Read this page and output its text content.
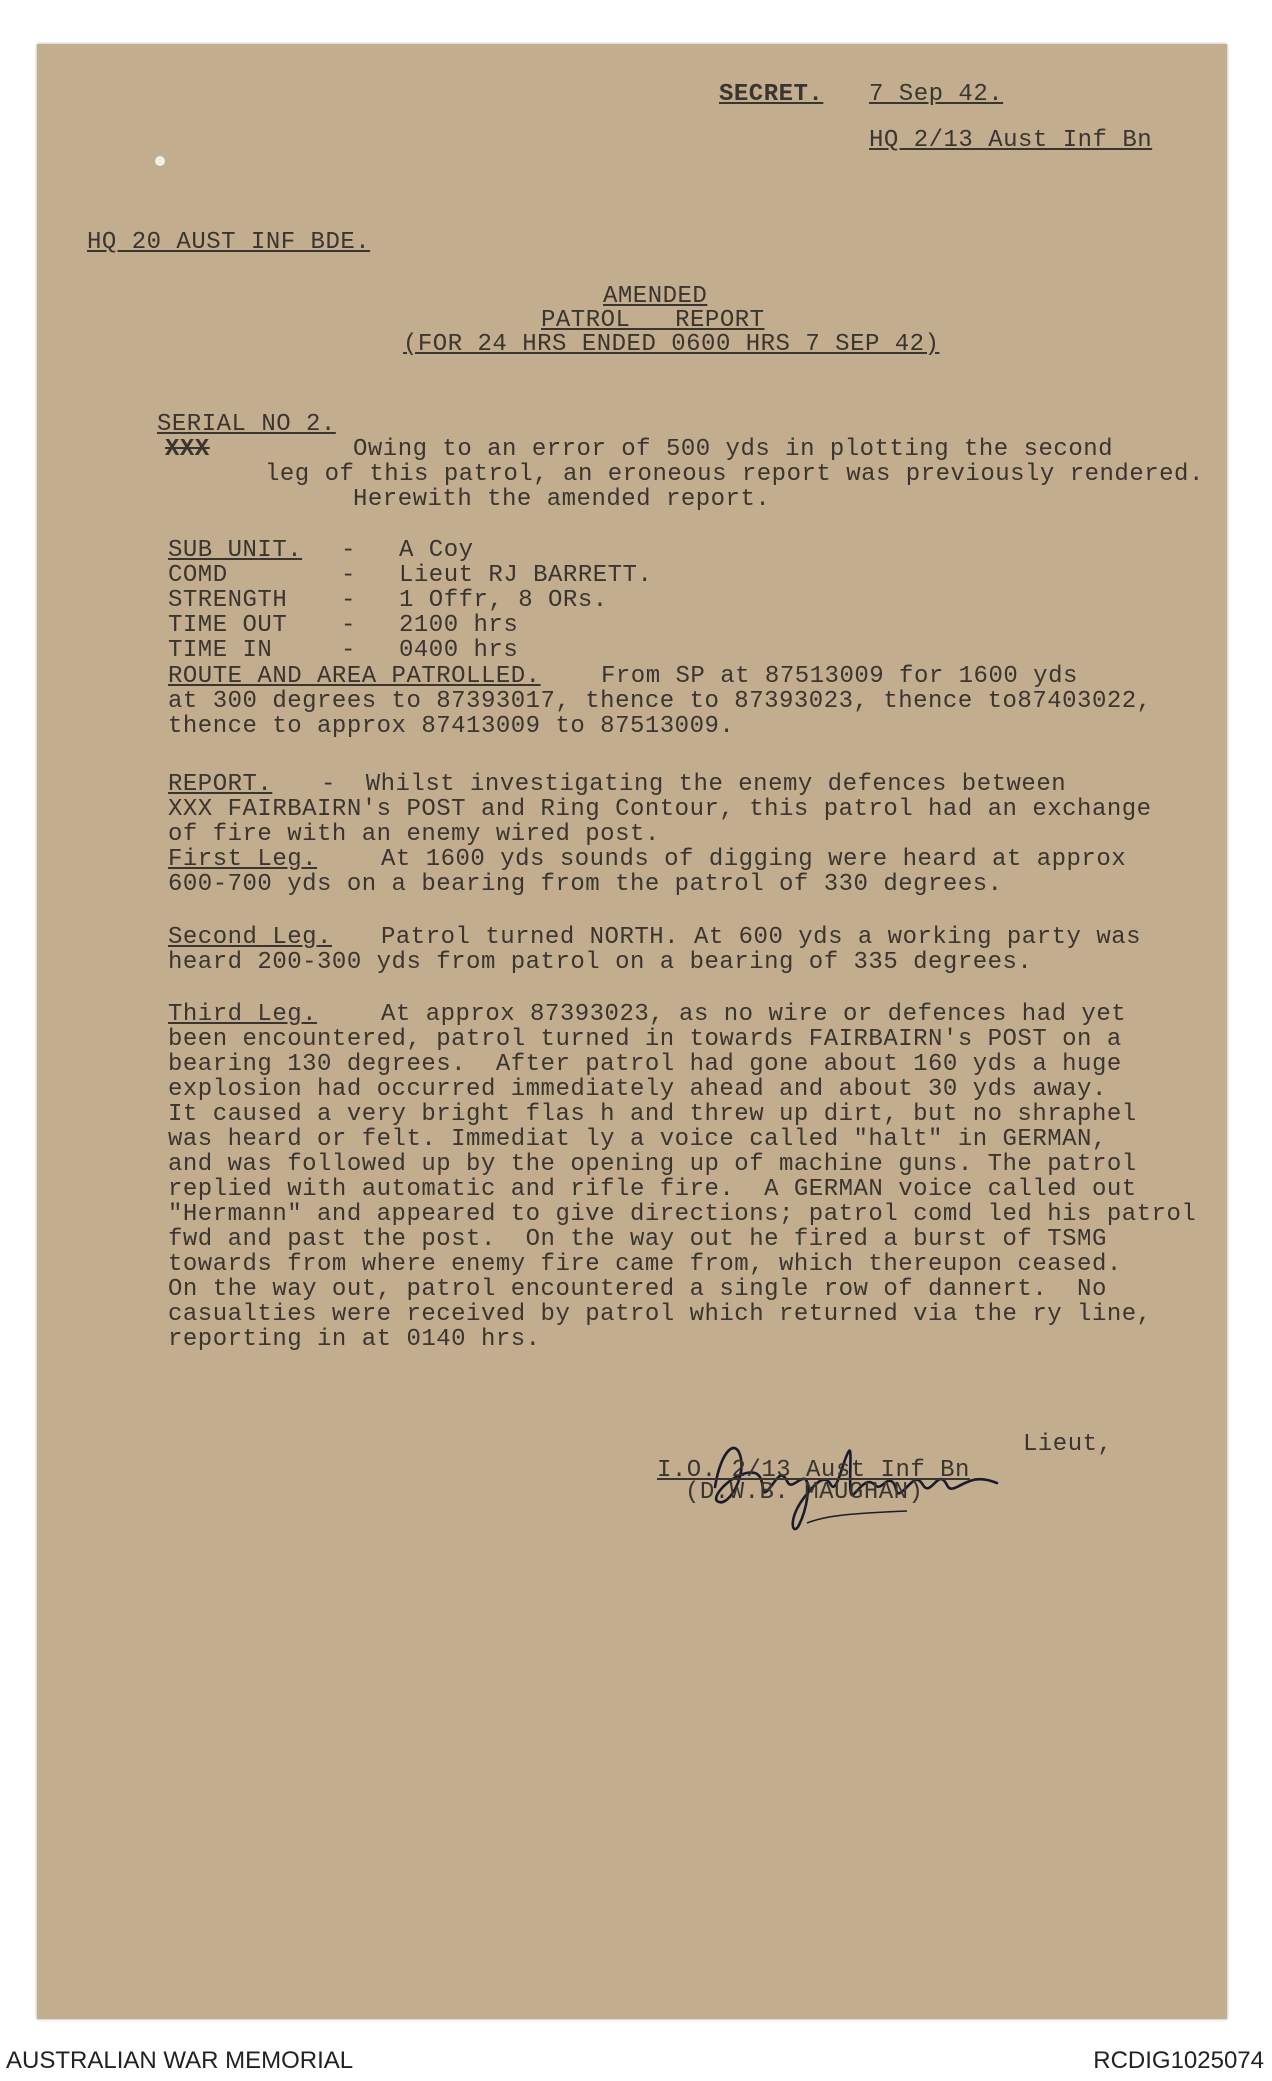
SECRET. 7 Sep 42.
HQ 2/13 Aust Inf Bn
HQ 20 AUST INF BDE.
AMENDED
PATROL   REPORT
(FOR 24 HRS ENDED 0600 HRS 7 SEP 42)
SERIAL NO 2.
XXX	Owing to an error of 500 yds in plotting the second
leg of this patrol, an eroneous report was previously rendered.
Herewith the amended report.
SUB UNIT. - A Coy
COMD	- Lieut RJ BARRETT.
STRENGTH - 1 Offr, 8 ORs.
TIME OUT - 2100 hrs
TIME IN	- 0400 hrs
ROUTE AND AREA PATROLLED.	From SP at 87513009 for 1600 yds
at 300 degrees to 87393017, thence to 87393023, thence to87403022,
thence to approx 87413009 to 87513009.
REPORT. -  Whilst investigating the enemy defences between
XXX FAIRBAIRN's POST and Ring Contour, this patrol had an exchange
of fire with an enemy wired post.
First Leg.	At 1600 yds sounds of digging were heard at approx
600-700 yds on a bearing from the patrol of 330 degrees.
Second Leg. Patrol turned NORTH. At 600 yds a working party was
heard 200-300 yds from patrol on a bearing of 335 degrees.
Third Leg.	At approx 87393023, as no wire or defences had yet
been encountered, patrol turned in towards FAIRBAIRN's POST on a
bearing 130 degrees.  After patrol had gone about 160 yds a huge
explosion had occurred immediately ahead and about 30 yds away.
It caused a very bright flas h and threw up dirt, but no shraphel
was heard or felt. Immediat ly a voice called "halt" in GERMAN,
and was followed up by the opening up of machine guns. The patrol
replied with automatic and rifle fire.  A GERMAN voice called out
"Hermann" and appeared to give directions; patrol comd led his patrol
fwd and past the post.  On the way out he fired a burst of TSMG
towards from where enemy fire came from, which thereupon ceased.
On the way out, patrol encountered a single row of dannert.  No
casualties were received by patrol which returned via the ry line,
reporting in at 0140 hrs.
Lieut,
I.O. 2/13 Aust Inf Bn
(D.W.B. MAUGHAN)
AUSTRALIAN WAR MEMORIAL	RCDIG1025074
